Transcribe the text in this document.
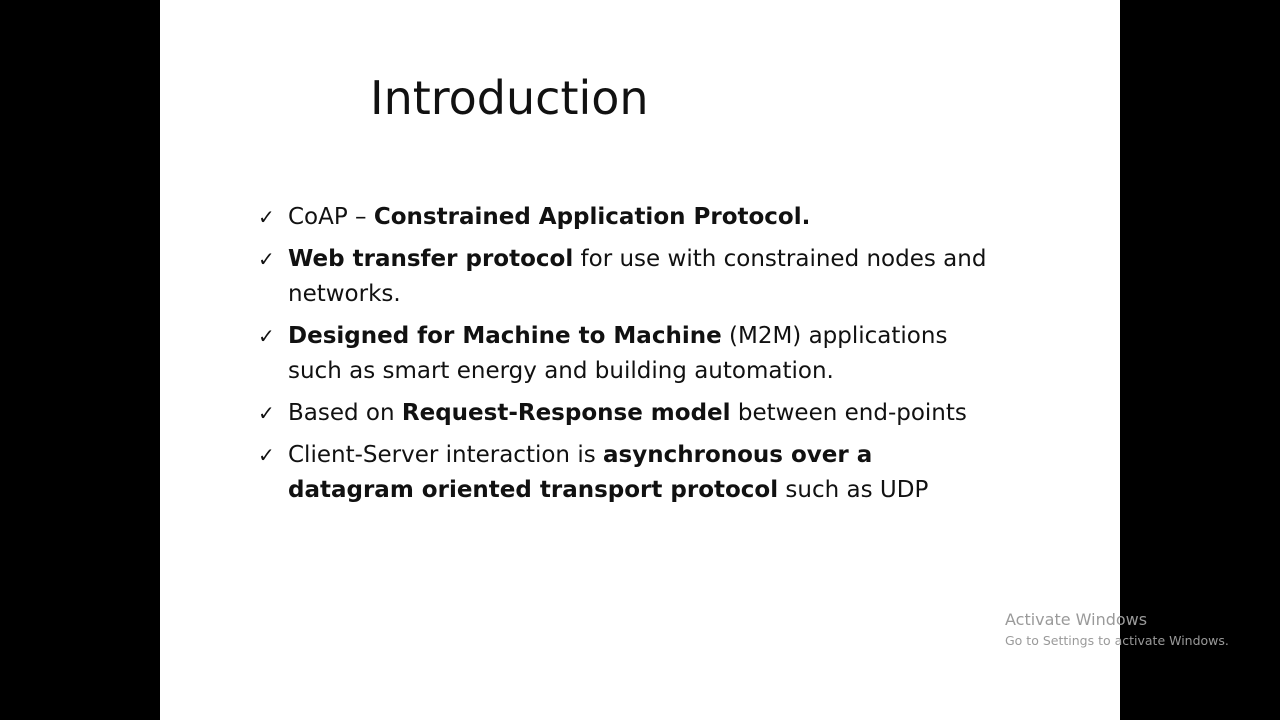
Introduction
✓ CoAP – Constrained Application Protocol.
✓ Web transfer protocol for use with constrained nodes and networks.
✓ Designed for Machine to Machine (M2M) applications such as smart energy and building automation.
✓ Based on Request-Response model between end-points
✓ Client-Server interaction is asynchronous over a datagram oriented transport protocol such as UDP
Activate Windows
Go to Settings to activate Windows.
